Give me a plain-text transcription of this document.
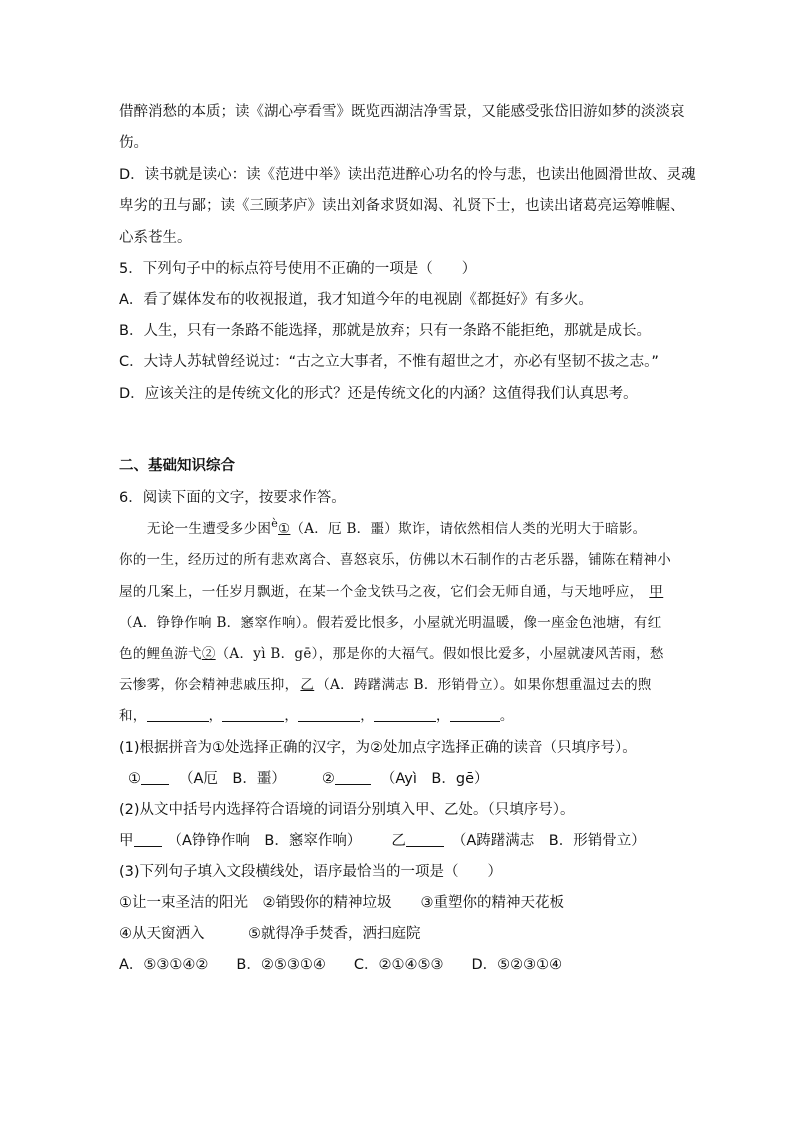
借醉消愁的本质；读《湖心亭看雪》既览西湖洁净雪景，又能感受张岱旧游如梦的淡淡哀
伤。
D．读书就是读心：读《范进中举》读出范进醉心功名的怜与悲，也读出他圆滑世故、灵魂
卑劣的丑与鄙；读《三顾茅庐》读出刘备求贤如渴、礼贤下士，也读出诸葛亮运筹帷幄、
心系苍生。
5．下列句子中的标点符号使用不正确的一项是（　　）
A．看了媒体发布的收视报道，我才知道今年的电视剧《都挺好》有多火。
B．人生，只有一条路不能选择，那就是放弃；只有一条路不能拒绝，那就是成长。
C．大诗人苏轼曾经说过：“古之立大事者，不惟有超世之才，亦必有坚韧不拔之志。”
D．应该关注的是传统文化的形式？还是传统文化的内涵？这值得我们认真思考。
二、基础知识综合
6．阅读下面的文字，按要求作答。
无论一生遭受多少困$^è$①（A．厄 B．噩）欺诈，请依然相信人类的光明大于暗影。
你的一生，经历过的所有悲欢离合、喜怒哀乐，仿佛以木石制作的古老乐器，铺陈在精神小
屋的几案上，一任岁月飘逝，在某一个金戈铁马之夜，它们会无师自通，与天地呼应， 甲
（A．铮铮作响 B．窸窣作响）。假若爱比恨多，小屋就光明温暖，像一座金色池塘，有红
色的鲤鱼游弋②（A．yì B．gē），那是你的大福气。假如恨比爱多，小屋就凄风苦雨，愁
云惨雾，你会精神悲戚压抑， 乙 （A．踌躇满志 B．形销骨立）。如果你想重温过去的煦
和，	，	，	，	，	。
(1)根据拼音为①处选择正确的汉字，为②处加点字选择正确的读音（只填序号）。
①	（A厄　B．噩） ②	（Ayì　B．gē）
(2)从文中括号内选择符合语境的词语分别填入甲、乙处。（只填序号）。
甲 （A铮铮作响　B．窸窣作响） 乙	（A踌躇满志　B．形销骨立）
(3)下列句子填入文段横线处，语序最恰当的一项是（　　）
①让一束圣洁的阳光　②销毁你的精神垃圾　　③重塑你的精神天花板
④从天窗洒入　　　⑤就得净手焚香，洒扫庭院
A．⑤③①④② B．②⑤③①④ C．②①④⑤③ D．⑤②③①④
